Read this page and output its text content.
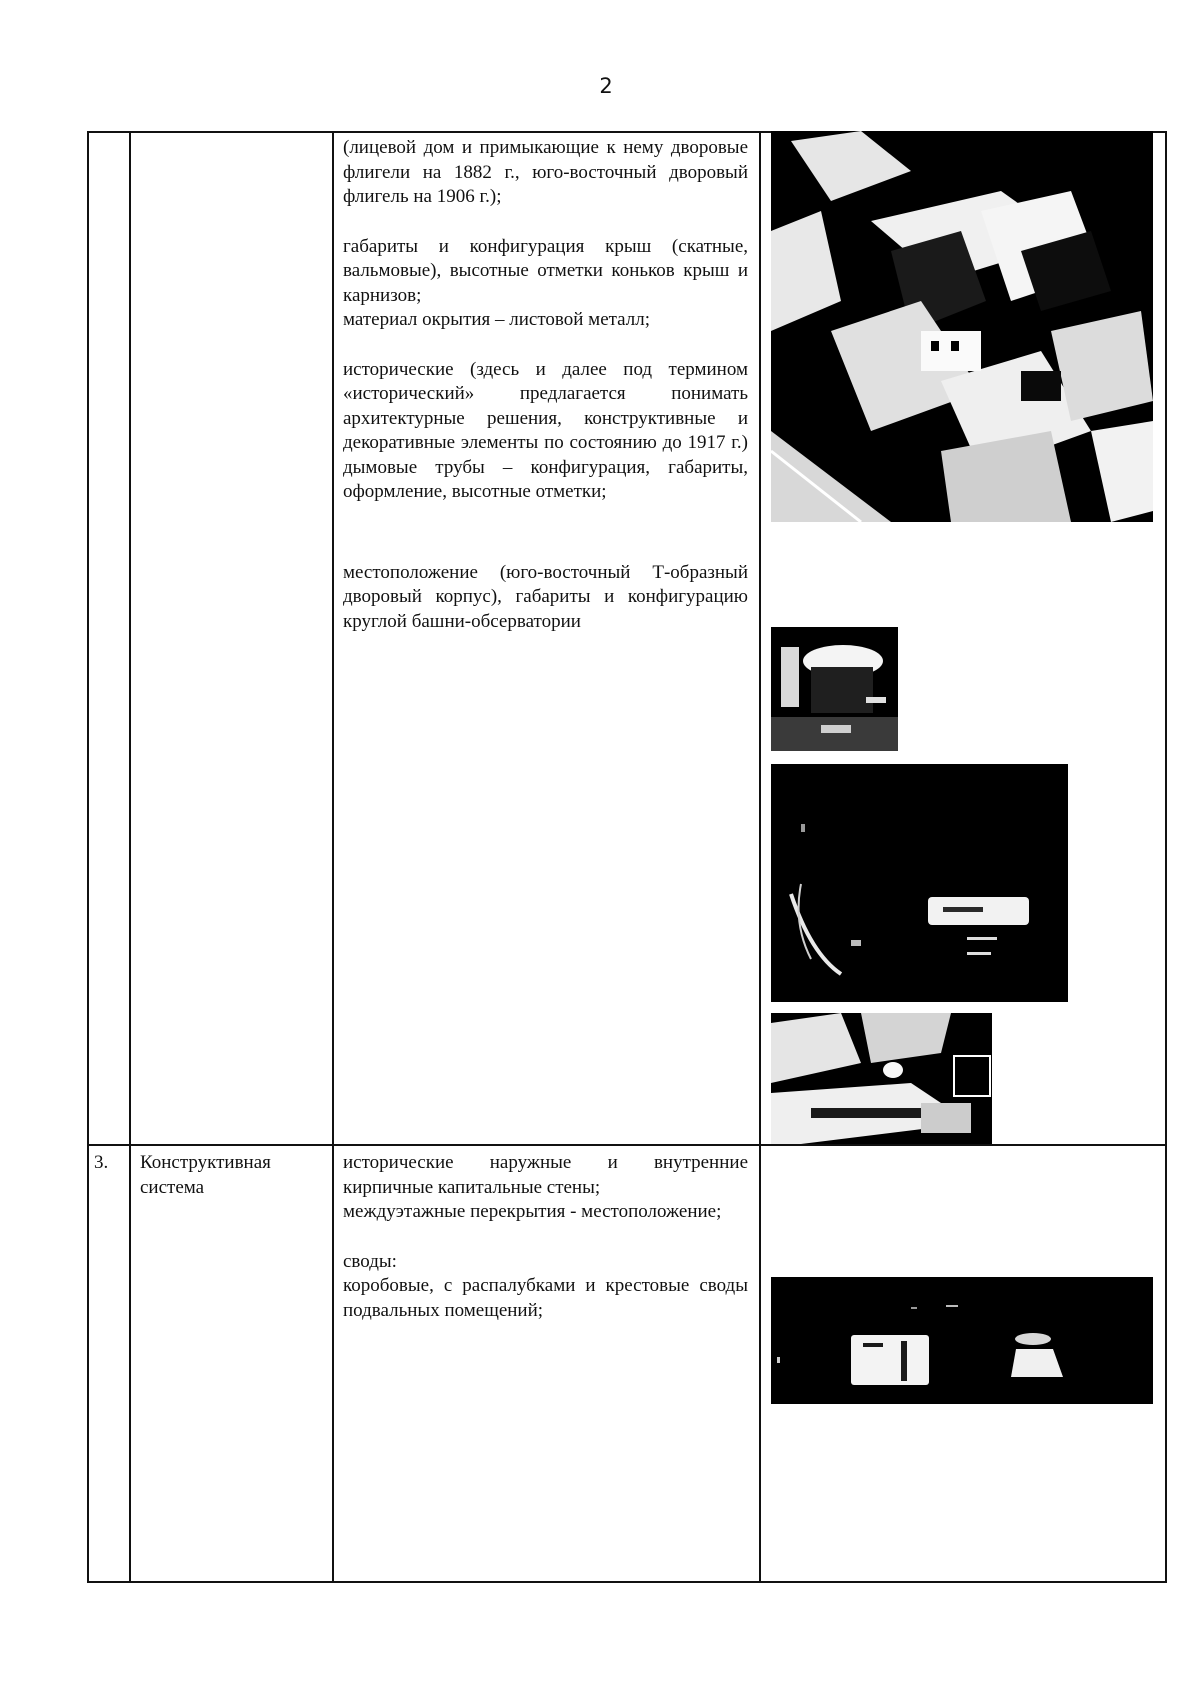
2

(лицевой дом и примыкающие к нему дворовые флигели на 1882 г., юго-восточный дворовый флигель на 1906 г.);

габариты и конфигурация крыш (скатные, вальмовые), высотные отметки коньков крыш и карнизов;

материал окрытия – листовой металл;

исторические (здесь и далее под термином «исторический» предлагается понимать архитектурные решения, конструктивные и декоративные элементы по состоянию до 1917 г.) дымовые трубы – конфигурация, габариты, оформление, высотные отметки;

местоположение (юго-восточный Т-образный дворовый корпус), габариты и конфигурацию круглой башни-обсерватории

3. Конструктивная система

исторические наружные и внутренние кирпичные капитальные стены;

междуэтажные перекрытия - местоположение;

своды:

коробовые, с распалубками и крестовые своды подвальных помещений;
